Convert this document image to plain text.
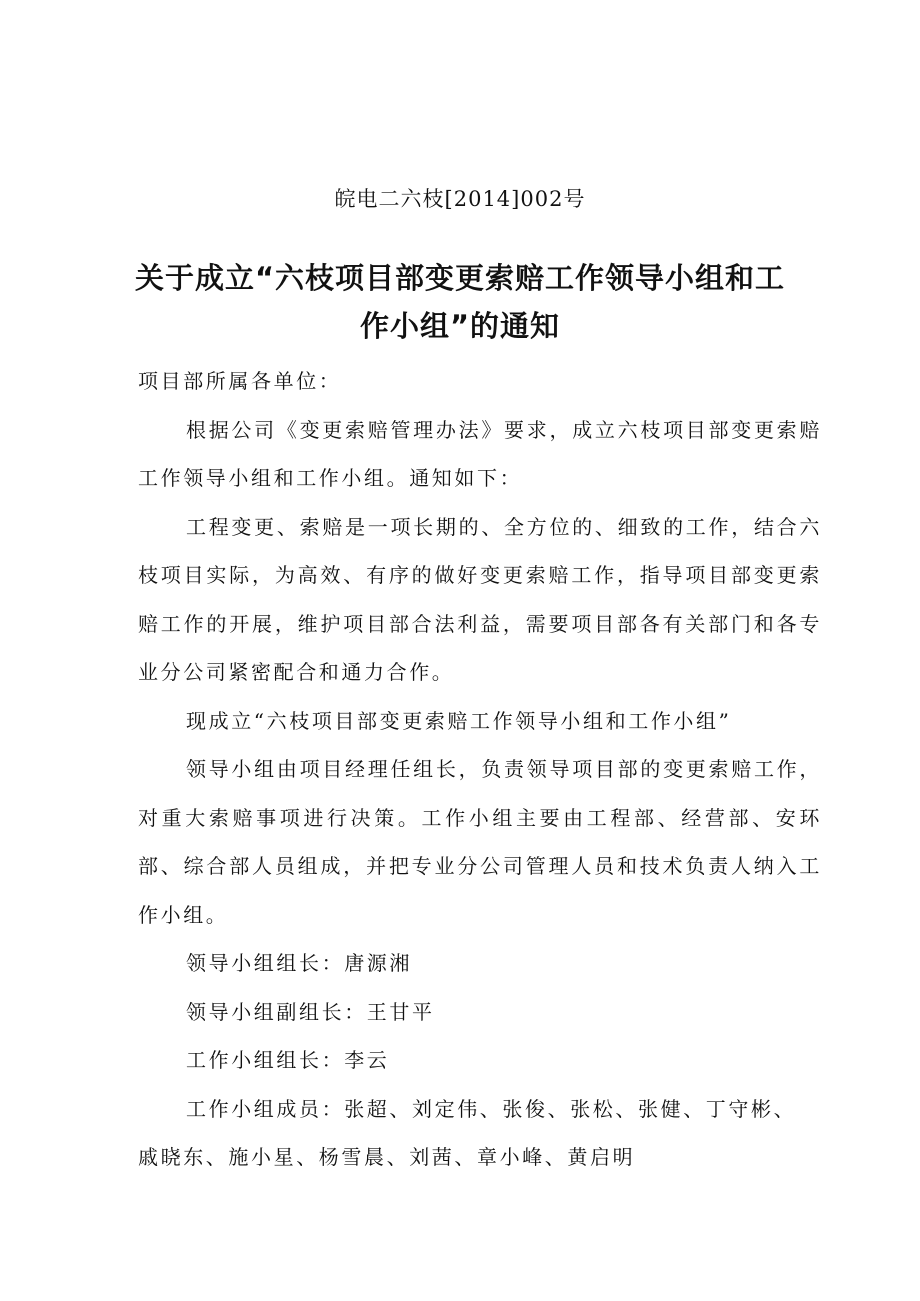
皖电二六枝[2014]002号
关于成立“六枝项目部变更索赔工作领导小组和工作小组”的通知

项目部所属各单位：

根据公司《变更索赔管理办法》要求，成立六枝项目部变更索赔工作领导小组和工作小组。通知如下：

工程变更、索赔是一项长期的、全方位的、细致的工作，结合六枝项目实际，为高效、有序的做好变更索赔工作，指导项目部变更索赔工作的开展，维护项目部合法利益，需要项目部各有关部门和各专业分公司紧密配合和通力合作。

现成立“六枝项目部变更索赔工作领导小组和工作小组”

领导小组由项目经理任组长，负责领导项目部的变更索赔工作，对重大索赔事项进行决策。工作小组主要由工程部、经营部、安环部、综合部人员组成，并把专业分公司管理人员和技术负责人纳入工作小组。

领导小组组长：唐源湘

领导小组副组长：王甘平

工作小组组长：李云

工作小组成员：张超、刘定伟、张俊、张松、张健、丁守彬、

戚晓东、施小星、杨雪晨、刘茜、章小峰、黄启明
